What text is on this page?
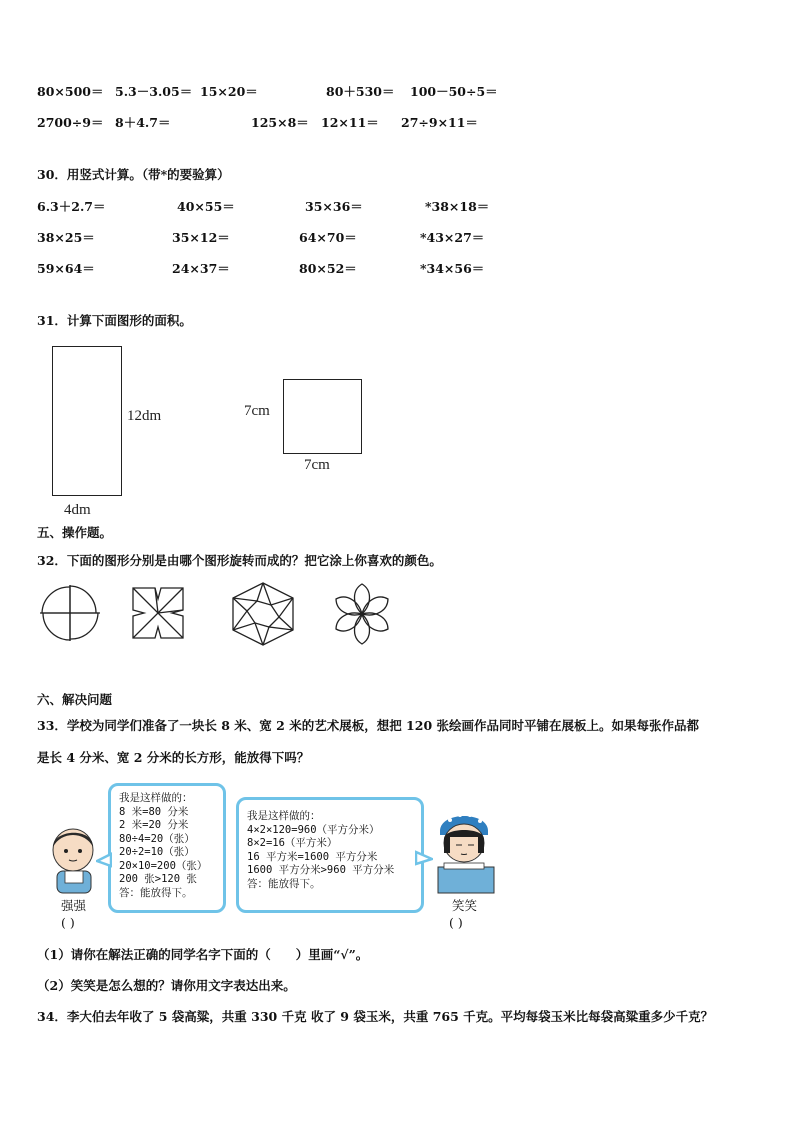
80×500＝ 5.3－3.05＝ 15×20＝	80＋530＝ 100－50÷5＝
2700÷9＝ 8＋4.7＝	125×8＝ 12×11＝ 27÷9×11＝
30．用竖式计算。（带*的要验算）
6.3＋2.7＝	40×55＝	35×36＝	*38×18＝
38×25＝	35×12＝	64×70＝	*43×27＝
59×64＝	24×37＝	80×52＝	*34×56＝
31．计算下面图形的面积。
12dm
4dm
7cm
7cm
五、操作题。
32．下面的图形分别是由哪个图形旋转而成的？把它涂上你喜欢的颜色。
六、解决问题
33．学校为同学们准备了一块长 8 米、宽 2 米的艺术展板，想把 120 张绘画作品同时平铺在展板上。如果每张作品都
是长 4 分米、宽 2 分米的长方形，能放得下吗？
强强
( )
我是这样做的：
8 米=80 分米
2 米=20 分米
80÷4=20（张）
20÷2=10（张）
20×10=200（张）
200 张>120 张
答：能放得下。
我是这样做的：
4×2×120=960（平方分米）
8×2=16（平方米）
16 平方米=1600 平方分米
1600 平方分米>960 平方分米
答：能放得下。
笑笑
( )
（1）请你在解法正确的同学名字下面的（　　）里画“√”。
（2）笑笑是怎么想的？请你用文字表达出来。
34．李大伯去年收了 5 袋高粱，共重 330 千克 收了 9 袋玉米，共重 765 千克。平均每袋玉米比每袋高粱重多少千克？
